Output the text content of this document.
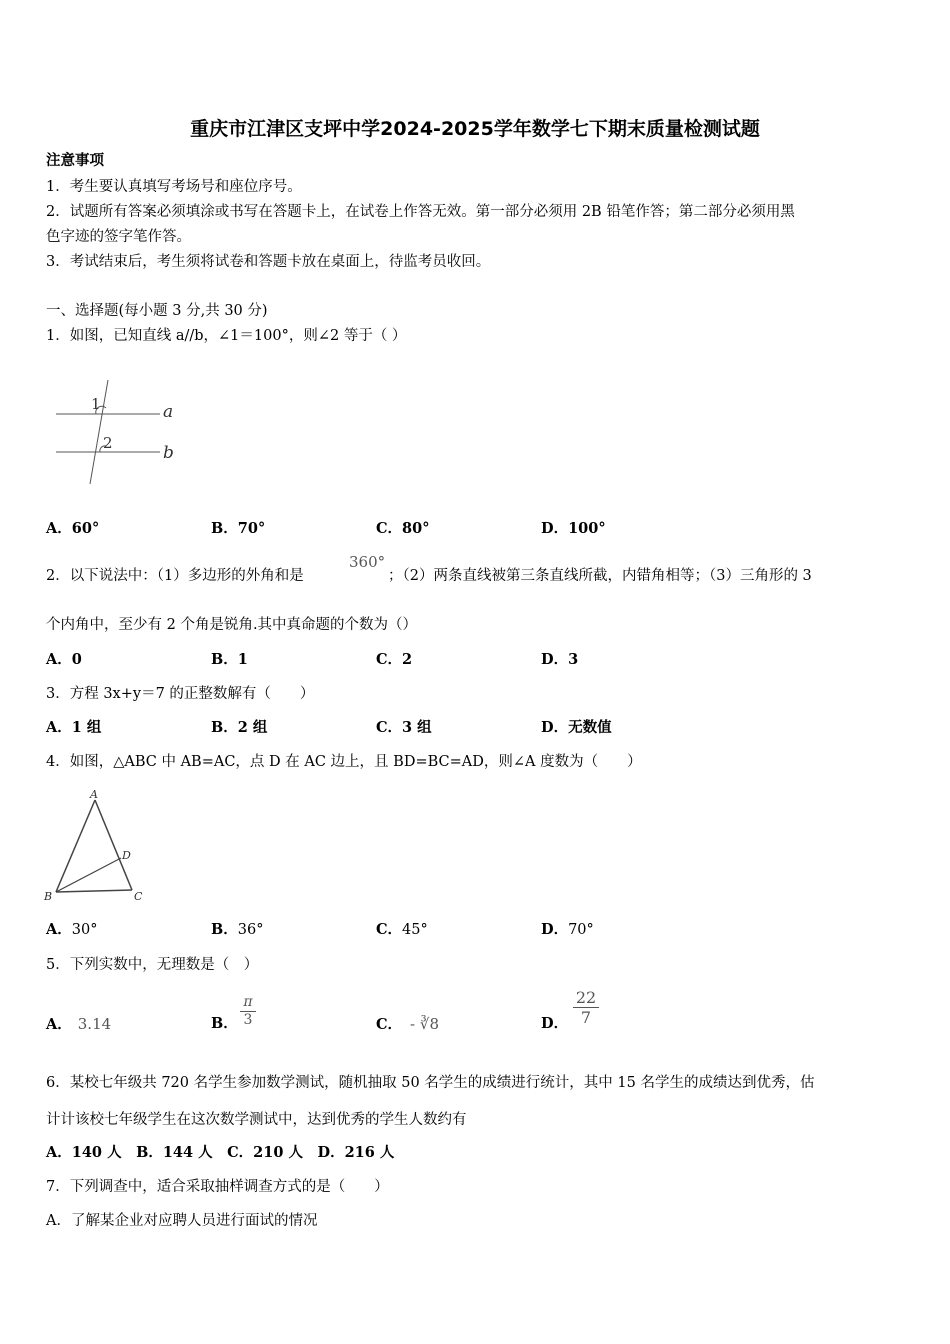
重庆市江津区支坪中学2024-2025学年数学七下期末质量检测试题
注意事项
1．考生要认真填写考场号和座位序号。
2．试题所有答案必须填涂或书写在答题卡上，在试卷上作答无效。第一部分必须用 2B 铅笔作答；第二部分必须用黑
色字迹的签字笔作答。
3．考试结束后，考生须将试卷和答题卡放在桌面上，待监考员收回。
一、选择题(每小题 3 分,共 30 分)
1．如图，已知直线 a//b，∠1＝100°，则∠2 等于（ ）
1
2
a
b
A．60°	B．70°	C．80°	D．100°
2．以下说法中：（1）多边形的外角和是
360°
；（2）两条直线被第三条直线所截，内错角相等；（3）三角形的 3
个内角中，至少有 2 个角是锐角.其中真命题的个数为（）
A．0	B．1	C．2	D．3
3．方程 3x+y＝7 的正整数解有（　　）
A．1 组	B．2 组	C．3 组	D．无数值
4．如图，△ABC 中 AB=AC，点 D 在 AC 边上，且 BD=BC=AD，则∠A 度数为（　　）
A
B	C
D
A．30°	B．36°	C．45°	D．70°
5．下列实数中，无理数是（　）
A． 3.14	B．
π
3	C． - ∛8	D．
22
7
6．某校七年级共 720 名学生参加数学测试，随机抽取 50 名学生的成绩进行统计，其中 15 名学生的成绩达到优秀，估
计计该校七年级学生在这次数学测试中，达到优秀的学生人数约有
A．140 人　B．144 人　C．210 人　D．216 人
7．下列调查中，适合采取抽样调查方式的是（　　）
A．了解某企业对应聘人员进行面试的情况
